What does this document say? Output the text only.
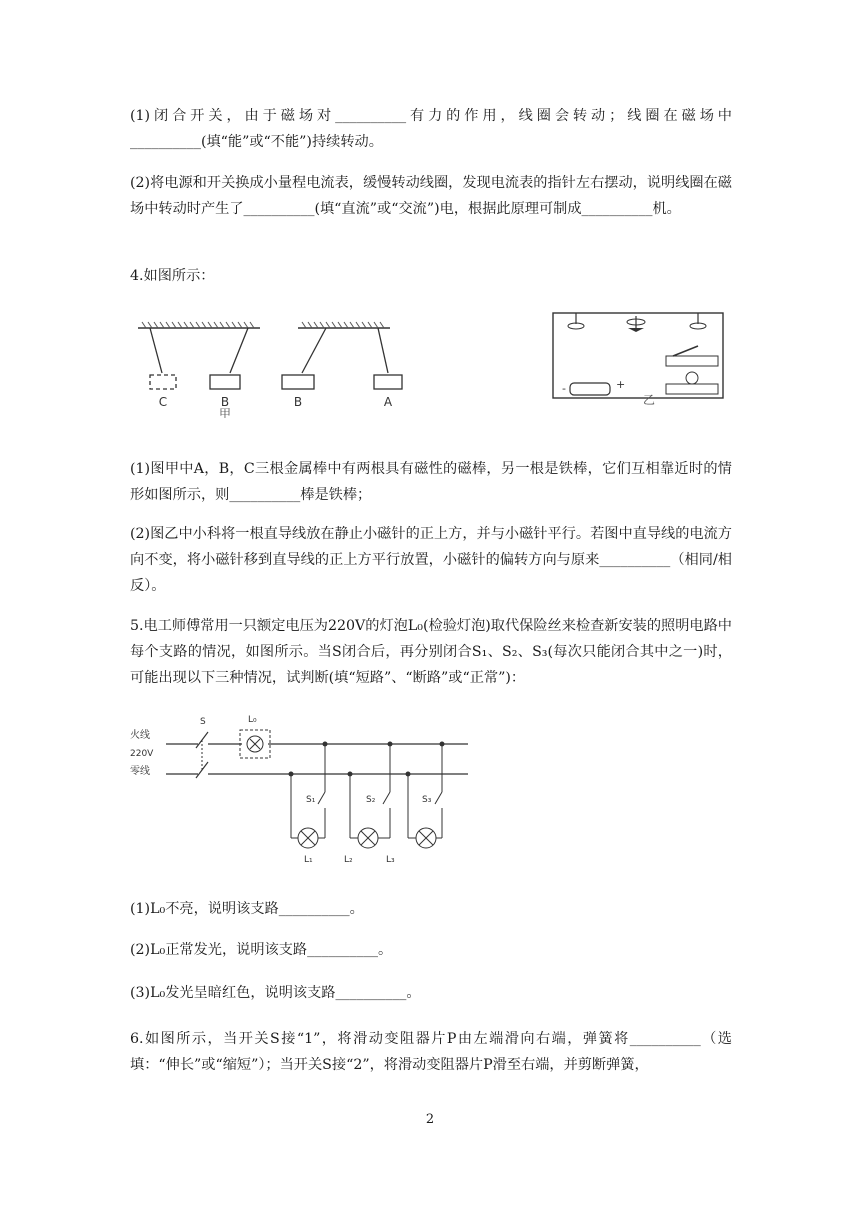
(1)闭合开关，由于磁场对__________有力的作用，线圈会转动；线圈在磁场中__________(填“能”或“不能”)持续转动。

(2)将电源和开关换成小量程电流表，缓慢转动线圈，发现电流表的指针左右摆动，说明线圈在磁场中转动时产生了__________(填“直流”或“交流”)电，根据此原理可制成__________机。

4.如图所示：

C	B	B	A
甲
-	+
乙

(1)图甲中A，B，C三根金属棒中有两根具有磁性的磁棒，另一根是铁棒，它们互相靠近时的情形如图所示，则__________棒是铁棒；

(2)图乙中小科将一根直导线放在静止小磁针的正上方，并与小磁针平行。若图中直导线的电流方向不变，将小磁针移到直导线的正上方平行放置，小磁针的偏转方向与原来__________（相同/相反）。

5.电工师傅常用一只额定电压为220V的灯泡L₀(检验灯泡)取代保险丝来检查新安装的照明电路中每个支路的情况，如图所示。当S闭合后，再分别闭合S₁、S₂、S₃(每次只能闭合其中之一)时，可能出现以下三种情况，试判断(填“短路”、“断路”或“正常”)：

火线
220V
零线
S	L₀
S₁	S₂	S₃
L₁	L₂	L₃

(1)L₀不亮，说明该支路__________。

(2)L₀正常发光，说明该支路__________。

(3)L₀发光呈暗红色，说明该支路__________。

6.如图所示，当开关S接“1”，将滑动变阻器片P由左端滑向右端，弹簧将__________（选填：“伸长”或“缩短”）；当开关S接“2”，将滑动变阻器片P滑至右端，并剪断弹簧，

2
